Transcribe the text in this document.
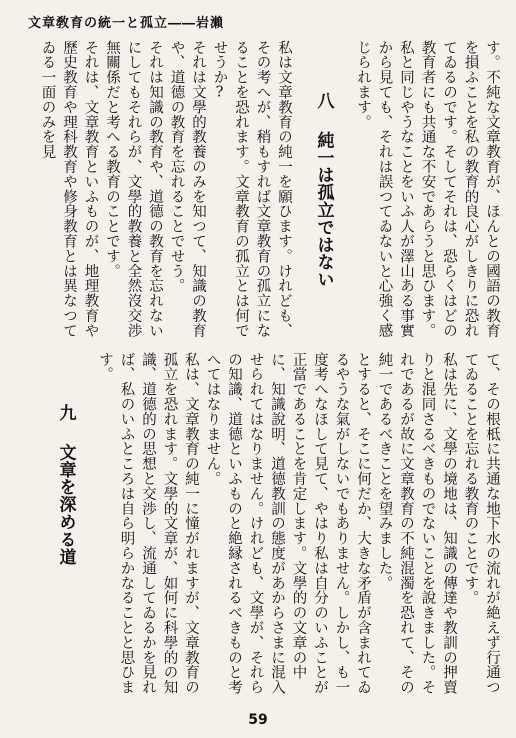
文章敎育の統一と孤立――岩瀨
す。不純な文章教育が、ほんとの國語の教育を損ふことを私の教育的良心がしきりに恐れてゐるのです。そしてそれは、恐らくはどの教育者にも共通な不安であらうと思ひます。私と同じやうなことをいふ人が澤山ある事實から見ても、それは誤つてゐないと心強く感じられます。
八純一は孤立ではない
私は文章教育の純一を願ひます。けれども、その考へが、稍もすれば文章教育の孤立になることを恐れます。文章教育の孤立とは何でせうか?
それは文學的教養のみを知つて、知識の教育や、道德の教育を忘れることでせう。
それは知識の教育や、道德の教育を忘れないにしてもそれらが、文學的教養と全然沒交渉無關係だと考へる教育のことです。
それは、文章教育といふものが、地理教育や歷史教育や理科教育や修身教育とは異なつてゐる一面のみを見
て、その根柢に共通な地下水の流れが絶えず行通つてゐることを忘れる教育のことです。
私は先に、文學の境地は、知識の傳達や教訓の押賣りと混同さるべきものでないことを說きました。それであるが故に文章教育の不純混濁を恐れて、その純一であるべきことを望みました。
とすると、そこに何だか、大きな矛盾が含まれてゐるやうな氣がしないでもありません。しかし、も一度考へなほして見て、やはり私は自分のいふことが正當であることを肯定します。文學的の文章の中に、知識說明、道德教訓の態度があからさまに混入せられてはなりません。けれども、文學が、それらの知識、道德といふものと絶縁されるべきものと考へてはなりません。
私は、文章教育の純一に憧がれますが、文章教育の孤立を恐れます。文學的文章が、如何に科學的の知識、道德的の思想と交渉し、流通してゐるかを見れば、私のいふところは自ら明らかなることと思ひます。
九文章を深める道
59
